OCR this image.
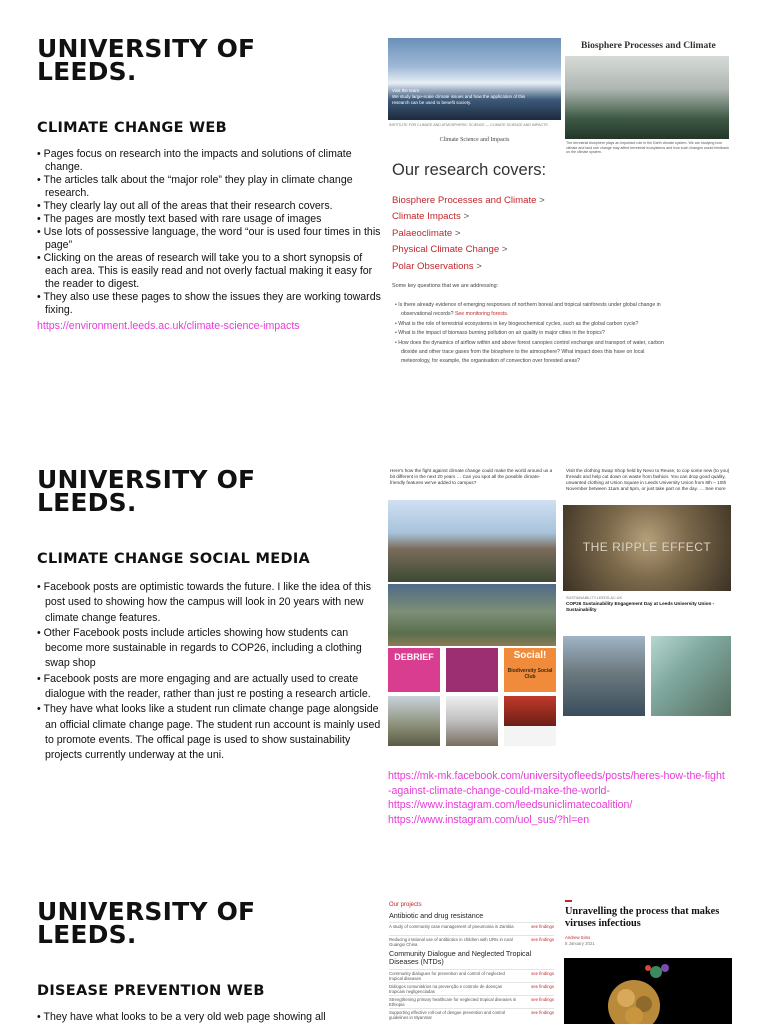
UNIVERSITY OF
LEEDS.
CLIMATE CHANGE WEB
• Pages focus on research into the impacts and solutions of climate change.
• The articles talk about the “major role” they play in climate change research.
• They clearly lay out all of the areas that their research covers.
• The pages are mostly text based with rare usage of images
• Use lots of possessive language, the word “our is used four times in this page”
• Clicking on the areas of research will take you to a short synopsis of each area. This is easily read and not overly factual making it easy for the reader to digest.
• They also use these pages to show the issues they are working towards fixing.
https://environment.leeds.ac.uk/climate-science-impacts
Visit the team
We study large-scale climate issues and how the application of this research can be used to benefit society.
INSTITUTE FOR CLIMATE AND ATMOSPHERIC SCIENCE — CLIMATE SCIENCE AND IMPACTS
Climate Science and Impacts
Biosphere Processes and Climate
The terrestrial biosphere plays an important role in the Earth climate system. We are studying how climate and land use change may affect terrestrial ecosystems and how such changes would feedback on the climate system.
Our research covers:
Biosphere Processes and Climate >
Climate Impacts >
Palaeoclimate >
Physical Climate Change >
Polar Observations >

Some key questions that we are addressing:

• Is there already evidence of emerging responses of northern boreal and tropical rainforests under global change in observational records? See monitoring forests.
• What is the role of terrestrial ecosystems in key biogeochemical cycles, such as the global carbon cycle?
• What is the impact of biomass burning pollution on air quality in major cities in the tropics?
• How does the dynamics of airflow within and above forest canopies control exchange and transport of water, carbon dioxide and other trace gases from the biosphere to the atmosphere? What impact does this have on local meteorology, for example, the organisation of convection over forested areas?
UNIVERSITY OF
LEEDS.
CLIMATE CHANGE SOCIAL MEDIA
• Facebook posts are optimistic towards the future. I like the idea of this post used to showing how the campus will look in 20 years with new climate change features.
• Other Facebook posts include articles showing how students can become more sustainable in regards to COP26, including a clothing swap shop
• Facebook posts are more engaging and are actually used to create dialogue with the reader, rather than just re posting a research article.
• They have what looks like a student run climate change page alongside an official climate change page. The student run account is mainly used to promote events. The offical page is used to show sustainability projects currently underway at the uni.
https://mk-mk.facebook.com/universityofleeds/posts/heres-how-the-fight-against-climate-change-could-make-the-world-
https://www.instagram.com/leedsuniclimatecoalition/
https://www.instagram.com/uol_sus/?hl=en
Here's how the fight against climate change could make the world around us a bit different in the next 20 years … Can you spot all the possible climate-friendly features we've added to campus?
Visit the clothing Swap Shop held by Nevo to Reuse, to cop some new (to you) threads and help cut down on waste from fashion. You can drop good quality, unwanted clothing at Union Square in Leeds University Union from 8th – 10th November between 11am and 5pm, or just take part on the day. … See more
THE RIPPLE EFFECT
SUSTAINABILITY.LEEDS.AC.UK
COP26 Sustainability Engagement Day at Leeds University Union - Sustainability
DEBRIEF	Social!
Biodiversity Social Club
UNIVERSITY OF
LEEDS.
DISEASE PREVENTION WEB
• They have what looks to be a very old web page showing all
Our projects
Antibiotic and drug resistance
A study of community case management of pneumonia in Zambia	see findings
Reducing irrational use of antibiotics in children with URIs in rural Guangxi China
see findings
Community Dialogue and Neglected Tropical Diseases (NTDs)
Community dialogues for prevention and control of neglected tropical diseases
see findings
Diálogos comunitários na prevenção e controle de doenças tropicais negligenciadas
see findings
Strengthening primary healthcare for neglected tropical diseases in Ethiopia
see findings
Supporting effective roll-out of dengue prevention and control guidelines in Myanmar
see findings
Unravelling the process that makes viruses infectious
Andrew Sims
8 January 2021
